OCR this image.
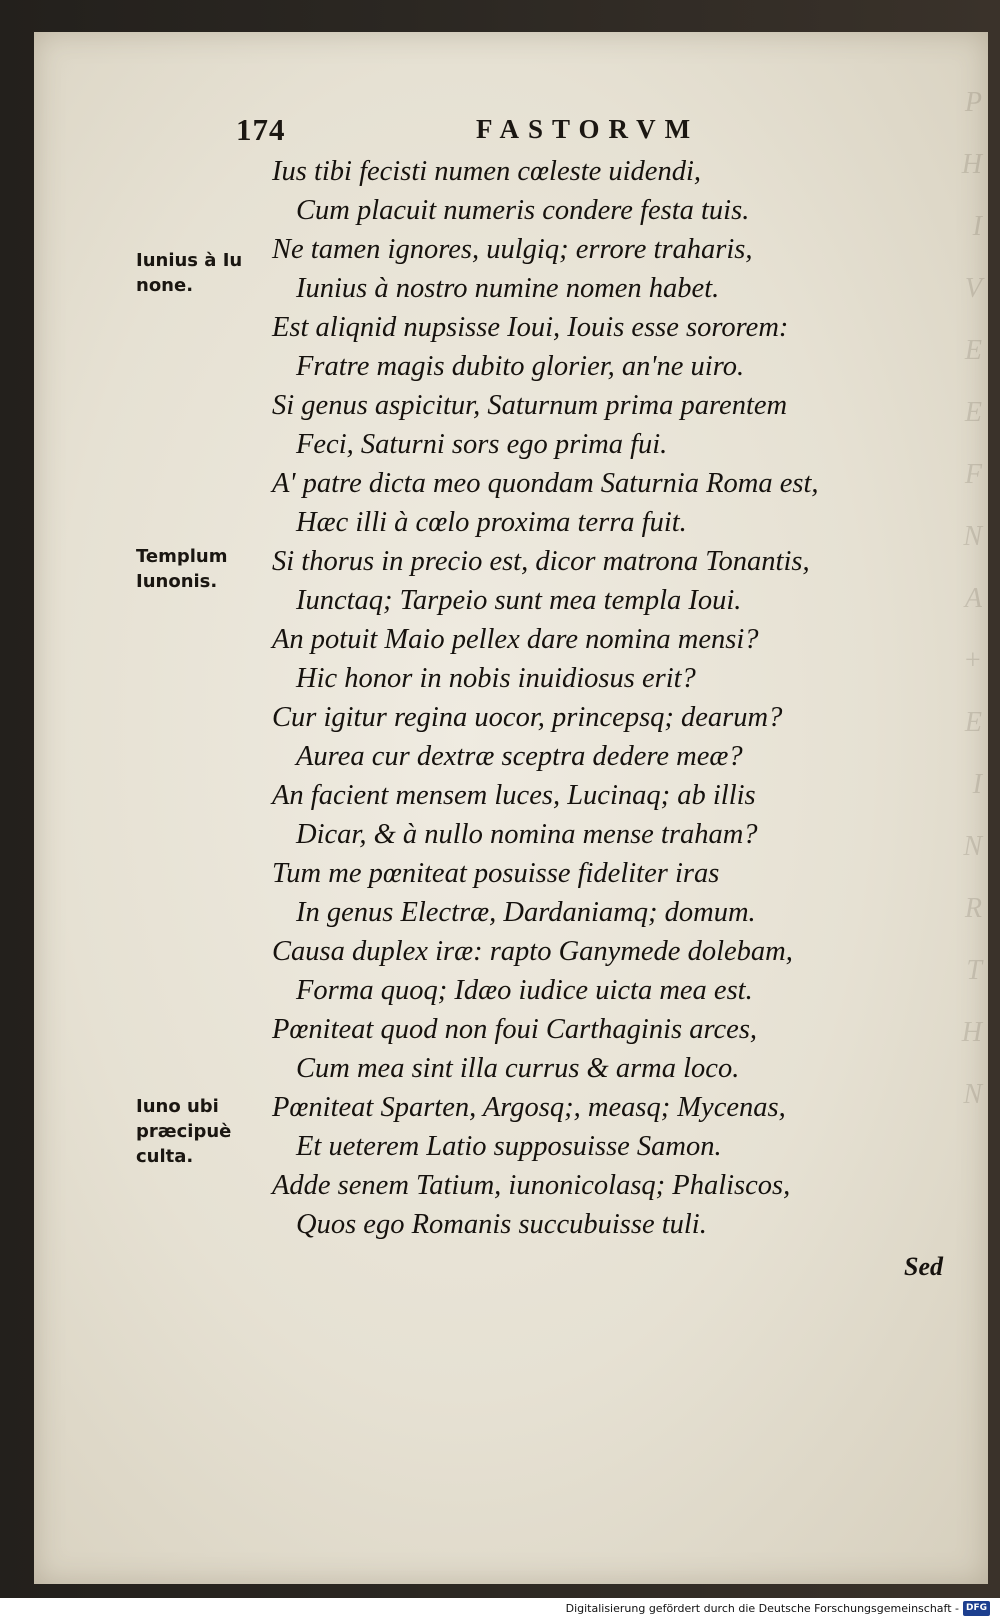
P
H
I
V
E
E
F
N
A
+
E
I
N
R
T
H
N
174	FASTORVM
Ius tibi fecisti numen cœleste uidendi,
Cum placuit numeris condere festa tuis.
Ne tamen ignores, uulgiq; errore traharis,
Iunius à nostro numine nomen habet.
Est aliqnid nupsisse Ioui, Iouis esse sororem:
Fratre magis dubito glorier, an'ne uiro.
Si genus aspicitur, Saturnum prima parentem
Feci, Saturni sors ego prima fui.
A' patre dicta meo quondam Saturnia Roma est,
Hæc illi à cœlo proxima terra fuit.
Si thorus in precio est, dicor matrona Tonantis,
Iunctaq; Tarpeio sunt mea templa Ioui.
An potuit Maio pellex dare nomina mensi?
Hic honor in nobis inuidiosus erit?
Cur igitur regina uocor, princepsq; dearum?
Aurea cur dextræ sceptra dedere meæ?
An facient mensem luces, Lucinaq; ab illis
Dicar, & à nullo nomina mense traham?
Tum me pœniteat posuisse fideliter iras
In genus Electræ, Dardaniamq; domum.
Causa duplex iræ: rapto Ganymede dolebam,
Forma quoq; Idæo iudice uicta mea est.
Pœniteat quod non foui Carthaginis arces,
Cum mea sint illa currus & arma loco.
Pœniteat Sparten, Argosq;, measq; Mycenas,
Et ueterem Latio supposuisse Samon.
Adde senem Tatium, iunonicolasq; Phaliscos,
Quos ego Romanis succubuisse tuli.
Iunius à Iu
none.
Templum
Iunonis.
Iuno ubi
præcipuè
culta.
Sed
Digitalisierung gefördert durch die Deutsche Forschungsgemeinschaft - DFG
